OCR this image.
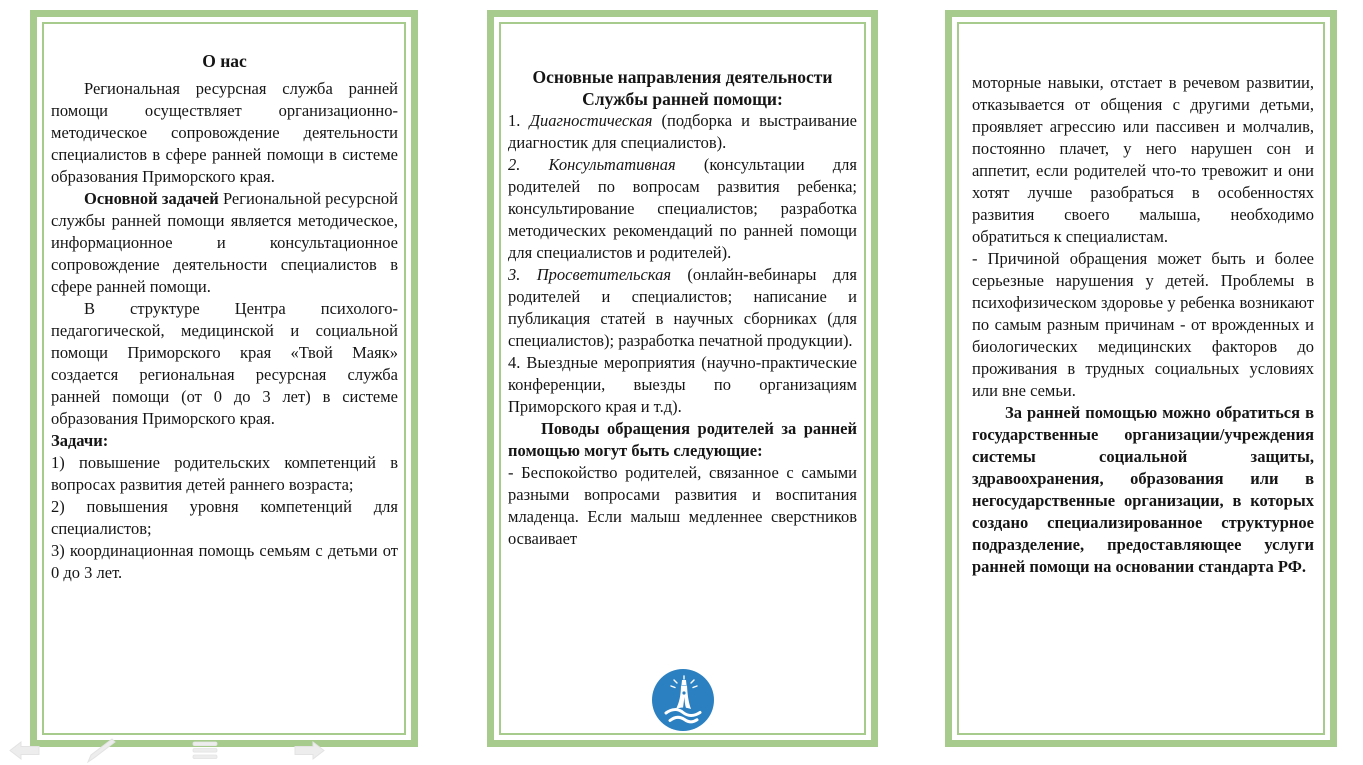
О нас

Региональная ресурсная служба ранней помощи осуществляет организационно-методическое сопровождение деятельности специалистов в сфере ранней помощи в системе образования Приморского края.

Основной задачей Региональной ресурсной службы ранней помощи является методическое, информационное и консультационное сопровождение деятельности специалистов в сфере ранней помощи.

В структуре Центра психолого-педагогической, медицинской и социальной помощи Приморского края «Твой Маяк» создается региональная ресурсная служба ранней помощи (от 0 до 3 лет) в системе образования Приморского края.

Задачи:

1) повышение родительских компетенций в вопросах развития детей раннего возраста;

2) повышения уровня компетенций для специалистов;

3) координационная помощь семьям с детьми от 0 до 3 лет.

Основные направления деятельности
Службы ранней помощи:

1. Диагностическая (подборка и выстраивание диагностик для специалистов).

2. Консультативная (консультации для родителей по вопросам развития ребенка; консультирование специалистов; разработка методических рекомендаций по ранней помощи для специалистов и родителей).

3. Просветительская (онлайн-вебинары для родителей и специалистов; написание и публикация статей в научных сборниках (для специалистов); разработка печатной продукции).

4. Выездные мероприятия (научно-практические конференции, выезды по организациям Приморского края и т.д).

Поводы обращения родителей за ранней помощью могут быть следующие:

- Беспокойство родителей, связанное с самыми разными вопросами развития и воспитания младенца. Если малыш медленнее сверстников осваивает

моторные навыки, отстает в речевом развитии, отказывается от общения с другими детьми, проявляет агрессию или пассивен и молчалив, постоянно плачет, у него нарушен сон и аппетит, если родителей что-то тревожит и они хотят лучше разобраться в особенностях развития своего малыша, необходимо обратиться к специалистам.

- Причиной обращения может быть и более серьезные нарушения у детей. Проблемы в психофизическом здоровье у ребенка возникают по самым разным причинам - от врожденных и биологических медицинских факторов до проживания в трудных социальных условиях или вне семьи.

За ранней помощью можно обратиться в государственные организации/учреждения системы социальной защиты, здравоохранения, образования или в негосударственные организации, в которых создано специализированное структурное подразделение, предоставляющее услуги ранней помощи на основании стандарта РФ.
